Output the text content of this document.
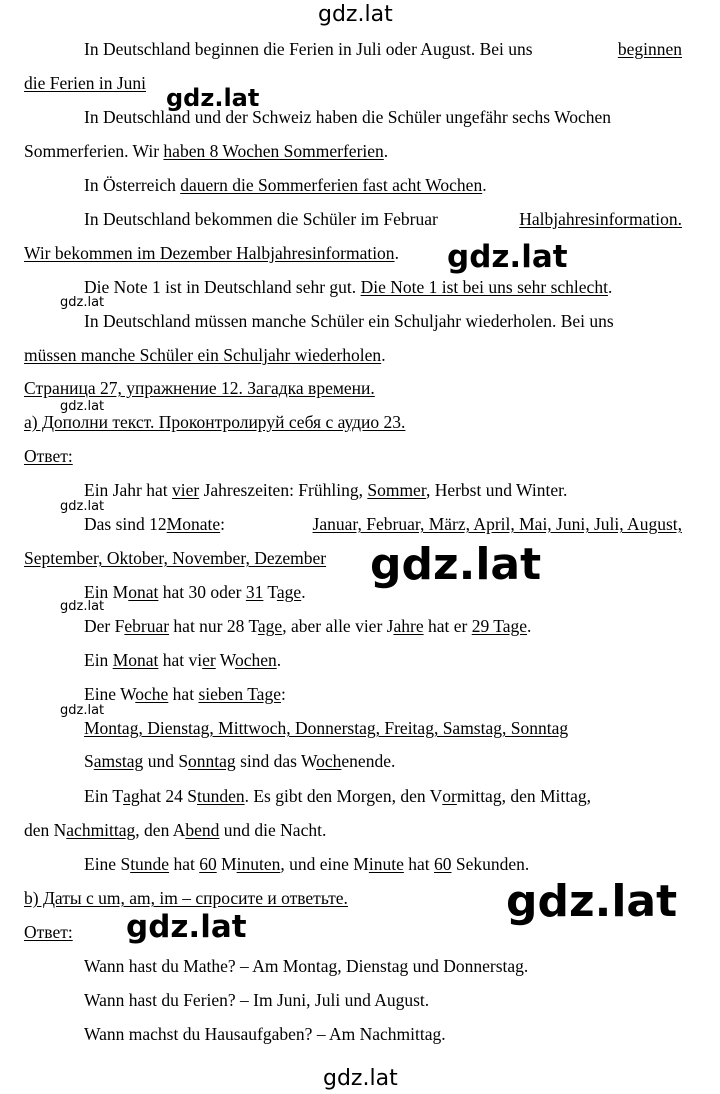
gdz.lat
gdz.lat
gdz.lat
gdz.lat
gdz.lat
gdz.lat
gdz.lat
gdz.lat
gdz.lat
gdz.lat
gdz.lat
gdz.lat
In Deutschland beginnen die Ferien in Juli oder August. Bei uns	beginnen
die Ferien in Juni
In Deutschland und der Schweiz haben die Schüler ungefähr sechs Wochen
Sommerferien. Wir haben 8 Wochen Sommerferien.
In Österreich dauern die Sommerferien fast acht Wochen.
In Deutschland bekommen die Schüler im Februar	Halbjahresinformation.
Wir bekommen im Dezember Halbjahresinformation.
Die Note 1 ist in Deutschland sehr gut. Die Note 1 ist bei uns sehr schlecht.
In Deutschland müssen manche Schüler ein Schuljahr wiederholen. Bei uns
müssen manche Schüler ein Schuljahr wiederholen.
Страница 27, упражнение 12. Загадка времени.
а) Дополни текст. Проконтролируй себя с аудио 23.
Ответ:
Ein Jahr hat vier Jahreszeiten: Frühling, Sommer, Herbst und Winter.
Das sind 12Monate:	Januar, Februar, März, April, Mai, Juni, Juli, August,
September, Oktober, November, Dezember
Ein Monat hat 30 oder 31 Tage.
Der Februar hat nur 28 Tage, aber alle vier Jahre hat er 29 Tage.
Ein Monat hat vier Wochen.
Eine Woche hat sieben Tage:
Montag, Dienstag, Mittwoch, Donnerstag, Freitag, Samstag, Sonntag
Samstag und Sonntag sind das Wochenende.
Ein Taghat 24 Stunden. Es gibt den Morgen, den Vormittag, den Mittag,
den Nachmittag, den Abend und die Nacht.
Eine Stunde hat 60 Minuten, und eine Minute hat 60 Sekunden.
b) Даты с um, am, im – спросите и ответьте.
Ответ:
Wann hast du Mathe? – Am Montag, Dienstag und Donnerstag.
Wann hast du Ferien? – Im Juni, Juli und August.
Wann machst du Hausaufgaben? – Am Nachmittag.
